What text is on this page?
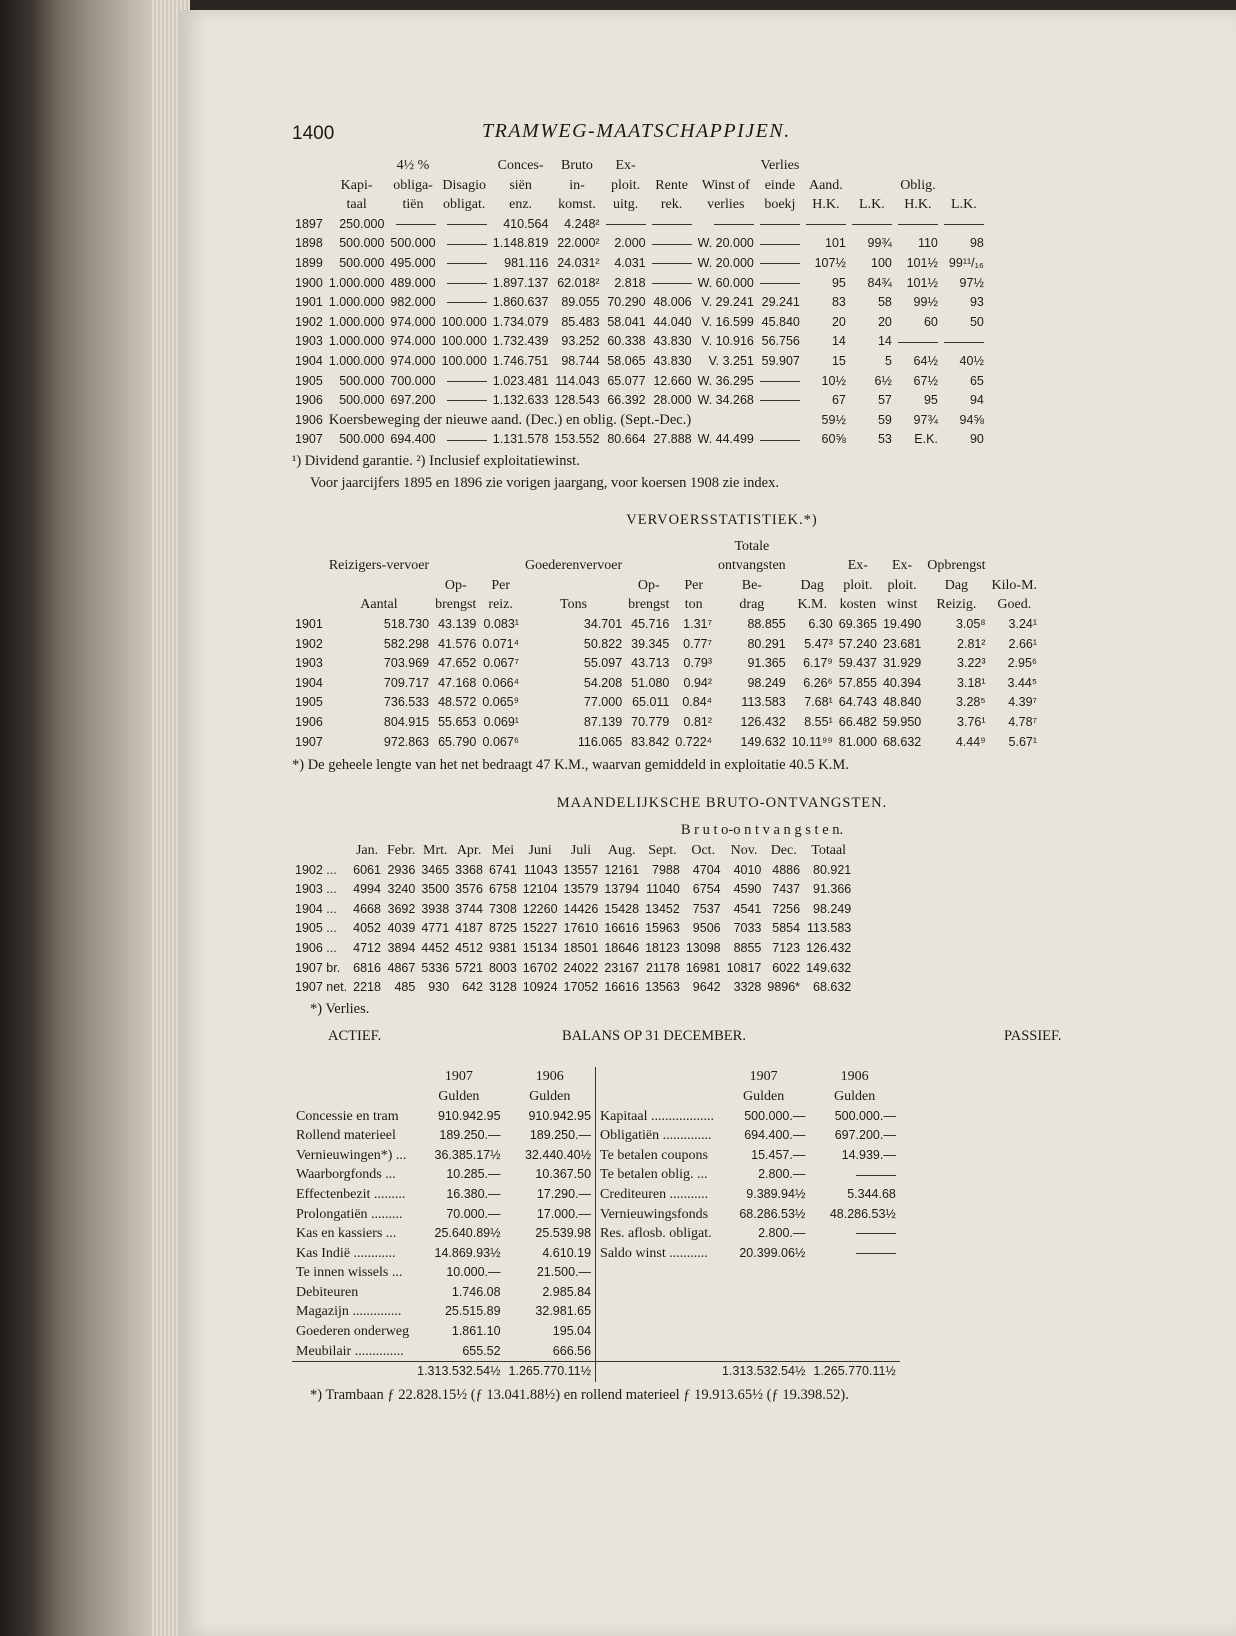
1400	TRAMWEG-MAATSCHAPPIJEN.
		4½ %		Conces-	Bruto	Ex-			Verlies				
	Kapi-	obliga-	Disagio	siën	in-	ploit.	Rente	Winst of	einde	Aand.		Oblig.	
	taal	tiën	obligat.	enz.	komst.	uitg.	rek.	verlies	boekj	H.K.	L.K.	H.K.	L.K.
1897	250.000			410.564	4.248²								
1898	500.000	500.000		1.148.819	22.000²	2.000		W. 20.000		101	99¾	110	98
1899	500.000	495.000		981.116	24.031²	4.031		W. 20.000		107½	100	101½	99¹¹/₁₆
1900	1.000.000	489.000		1.897.137	62.018²	2.818		W. 60.000		95	84¾	101½	97½
1901	1.000.000	982.000		1.860.637	89.055	70.290	48.006	V. 29.241	29.241	83	58	99½	93
1902	1.000.000	974.000	100.000	1.734.079	85.483	58.041	44.040	V. 16.599	45.840	20	20	60	50
1903	1.000.000	974.000	100.000	1.732.439	93.252	60.338	43.830	V. 10.916	56.756	14	14		
1904	1.000.000	974.000	100.000	1.746.751	98.744	58.065	43.830	V. 3.251	59.907	15	5	64½	40½
1905	500.000	700.000		1.023.481	114.043	65.077	12.660	W. 36.295		10½	6½	67½	65
1906	500.000	697.200		1.132.633	128.543	66.392	28.000	W. 34.268		67	57	95	94
1906	Koersbeweging der nieuwe aand. (Dec.) en oblig. (Sept.-Dec.)									59½	59	97¾	94⅝
1907	500.000	694.400		1.131.578	153.552	80.664	27.888	W. 44.499		60⅝	53	E.K.	90
¹) Dividend garantie. ²) Inclusief exploitatiewinst.
Voor jaarcijfers 1895 en 1896 zie vorigen jaargang, voor koersen 1908 zie index.
VERVOERSSTATISTIEK.*)
							Totale					
	Reizigers-vervoer			Goederenvervoer			ontvangsten		Ex-	Ex-	Opbrengst	
		Op-	Per		Op-	Per	Be-	Dag	ploit.	ploit.	Dag	Kilo-M.
	Aantal	brengst	reiz.	Tons	brengst	ton	drag	K.M.	kosten	winst	Reizig.	Goed.
1901	518.730	43.139	0.083¹	34.701	45.716	1.31⁷	88.855	6.30	69.365	19.490	3.05⁸	3.24¹
1902	582.298	41.576	0.071⁴	50.822	39.345	0.77⁷	80.291	5.47³	57.240	23.681	2.81²	2.66¹
1903	703.969	47.652	0.067⁷	55.097	43.713	0.79³	91.365	6.17⁹	59.437	31.929	3.22³	2.95⁶
1904	709.717	47.168	0.066⁴	54.208	51.080	0.94²	98.249	6.26⁶	57.855	40.394	3.18¹	3.44⁵
1905	736.533	48.572	0.065⁹	77.000	65.011	0.84⁴	113.583	7.68¹	64.743	48.840	3.28⁵	4.39⁷
1906	804.915	55.653	0.069¹	87.139	70.779	0.81²	126.432	8.55¹	66.482	59.950	3.76¹	4.78⁷
1907	972.863	65.790	0.067⁶	116.065	83.842	0.722⁴	149.632	10.11⁹⁹	81.000	68.632	4.44⁹	5.67¹
*) De geheele lengte van het net bedraagt 47 K.M., waarvan gemiddeld in exploitatie 40.5 K.M.
MAANDELIJKSCHE BRUTO-ONTVANGSTEN.
B r u t o-o n t v a n g s t e n.
	Jan.	Febr.	Mrt.	Apr.	Mei	Juni	Juli	Aug.	Sept.	Oct.	Nov.	Dec.	Totaal
1902 ...	6061	2936	3465	3368	6741	11043	13557	12161	7988	4704	4010	4886	80.921
1903 ...	4994	3240	3500	3576	6758	12104	13579	13794	11040	6754	4590	7437	91.366
1904 ...	4668	3692	3938	3744	7308	12260	14426	15428	13452	7537	4541	7256	98.249
1905 ...	4052	4039	4771	4187	8725	15227	17610	16616	15963	9506	7033	5854	113.583
1906 ...	4712	3894	4452	4512	9381	15134	18501	18646	18123	13098	8855	7123	126.432
1907 br.	6816	4867	5336	5721	8003	16702	24022	23167	21178	16981	10817	6022	149.632
1907 net.	2218	485	930	642	3128	10924	17052	16616	13563	9642	3328	9896*	68.632
*) Verlies.
ACTIEF.	BALANS OP 31 DECEMBER.	PASSIEF.
	1907	1906		1907	1906
	Gulden	Gulden		Gulden	Gulden
Concessie en tram	910.942.95	910.942.95	Kapitaal ..................	500.000.—	500.000.—
Rollend materieel	189.250.—	189.250.—	Obligatiën ..............	694.400.—	697.200.—
Vernieuwingen*) ...	36.385.17½	32.440.40½	Te betalen coupons	15.457.—	14.939.—
Waarborgfonds ...	10.285.—	10.367.50	Te betalen oblig. ...	2.800.—	
Effectenbezit .........	16.380.—	17.290.—	Crediteuren ...........	9.389.94½	5.344.68
Prolongatiën .........	70.000.—	17.000.—	Vernieuwingsfonds	68.286.53½	48.286.53½
Kas en kassiers ...	25.640.89½	25.539.98	Res. aflosb. obligat.	2.800.—	
Kas Indië ............	14.869.93½	4.610.19	Saldo winst ...........	20.399.06½	
Te innen wissels ...	10.000.—	21.500.—			
Debiteuren	1.746.08	2.985.84			
Magazijn ..............	25.515.89	32.981.65			
Goederen onderweg	1.861.10	195.04			
Meubilair ..............	655.52	666.56			
	1.313.532.54½	1.265.770.11½		1.313.532.54½	1.265.770.11½
*) Trambaan ƒ 22.828.15½ (ƒ 13.041.88½) en rollend materieel ƒ 19.913.65½ (ƒ 19.398.52).
